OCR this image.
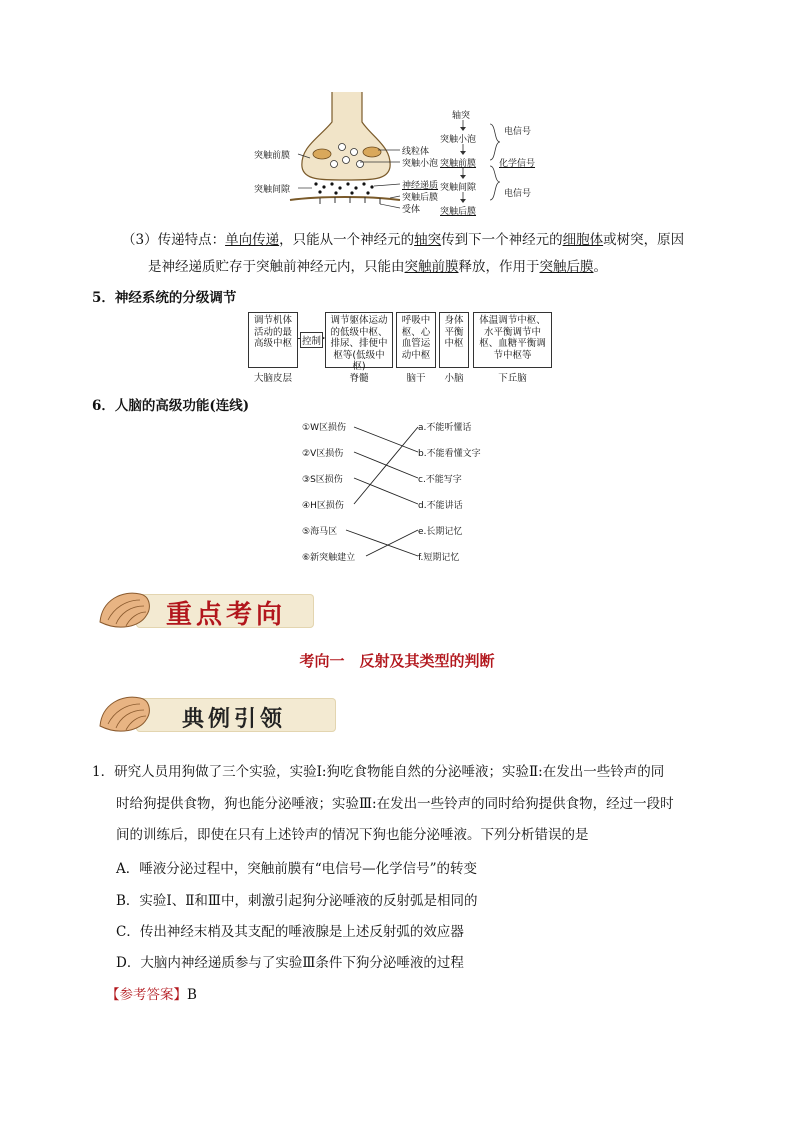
突触前膜
突触间隙
线粒体
突触小泡
神经递质
突触后膜
受体
轴突
突触小泡
突触前膜
突触间隙
突触后膜
电信号
化学信号
电信号
（3）传递特点：单向传递，只能从一个神经元的轴突传到下一个神经元的细胞体或树突，原因
是神经递质贮存于突触前神经元内，只能由突触前膜释放，作用于突触后膜。
5．神经系统的分级调节
调节机体活动的最高级中枢	控制
调节躯体运动的低级中枢、排尿、排便中枢等(低级中枢)
呼吸中枢、心血管运动中枢
身体平衡中枢
体温调节中枢、水平衡调节中枢、血糖平衡调节中枢等
大脑皮层	脊髓	脑干	小脑	下丘脑
6．人脑的高级功能(连线)
①W区损伤
②V区损伤
③S区损伤
④H区损伤
⑤海马区
⑥新突触建立
a.不能听懂话
b.不能看懂文字
c.不能写字
d.不能讲话
e.长期记忆
f.短期记忆
重点考向
考向一　反射及其类型的判断
典例引领
1．研究人员用狗做了三个实验，实验Ⅰ:狗吃食物能自然的分泌唾液；实验Ⅱ:在发出一些铃声的同
时给狗提供食物，狗也能分泌唾液；实验Ⅲ:在发出一些铃声的同时给狗提供食物，经过一段时
间的训练后，即使在只有上述铃声的情况下狗也能分泌唾液。下列分析错误的是
A．唾液分泌过程中，突触前膜有“电信号—化学信号”的转变
B．实验Ⅰ、Ⅱ和Ⅲ中，刺激引起狗分泌唾液的反射弧是相同的
C．传出神经末梢及其支配的唾液腺是上述反射弧的效应器
D．大脑内神经递质参与了实验Ⅲ条件下狗分泌唾液的过程
【参考答案】B
